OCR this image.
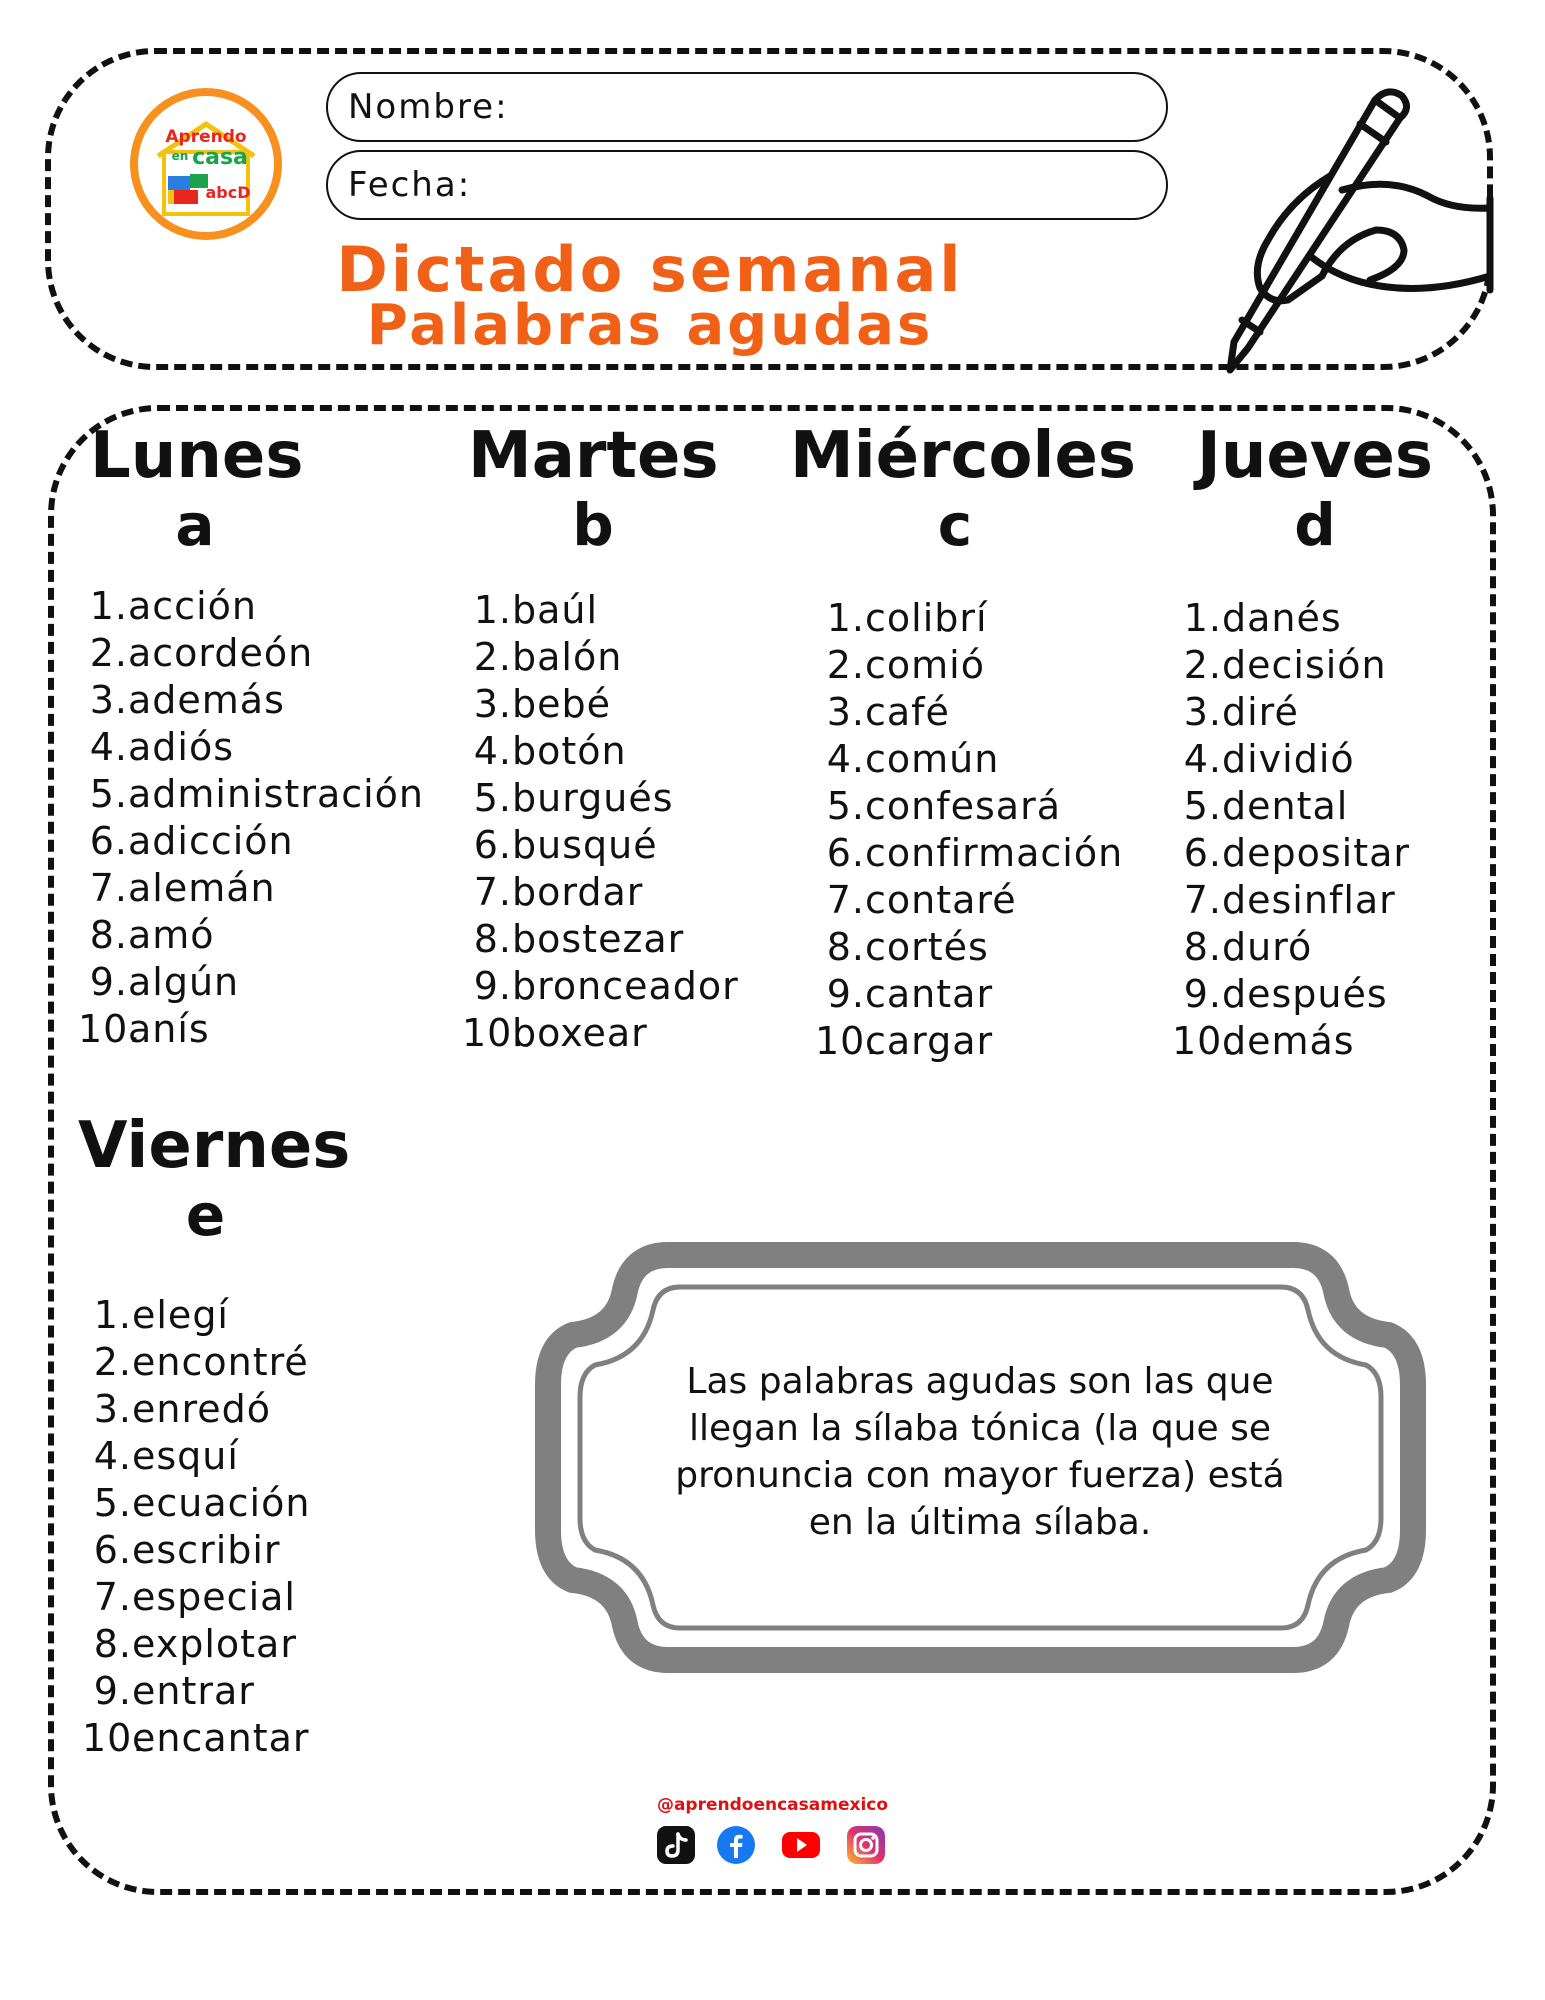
Aprendo
en casa
abcD
Nombre:
Fecha:
Dictado semanal
Palabras agudas
Lunes
a
Martes
b
Miércoles
c
Jueves
d
Viernes
e
1.acción
2.acordeón
3.además
4.adiós
5.administración
6.adicción
7.alemán
8.amó
9.algún
10.anís
1.baúl
2.balón
3.bebé
4.botón
5.burgués
6.busqué
7.bordar
8.bostezar
9.bronceador
10.boxear
1.colibrí
2.comió
3.café
4.común
5.confesará
6.confirmación
7.contaré
8.cortés
9.cantar
10.cargar
1.danés
2.decisión
3.diré
4.dividió
5.dental
6.depositar
7.desinflar
8.duró
9.después
10.demás
1.elegí
2.encontré
3.enredó
4.esquí
5.ecuación
6.escribir
7.especial
8.explotar
9.entrar
10.encantar
Las palabras agudas son las que
llegan la sílaba tónica (la que se
pronuncia con mayor fuerza) está
en la última sílaba.
@aprendoencasamexico
